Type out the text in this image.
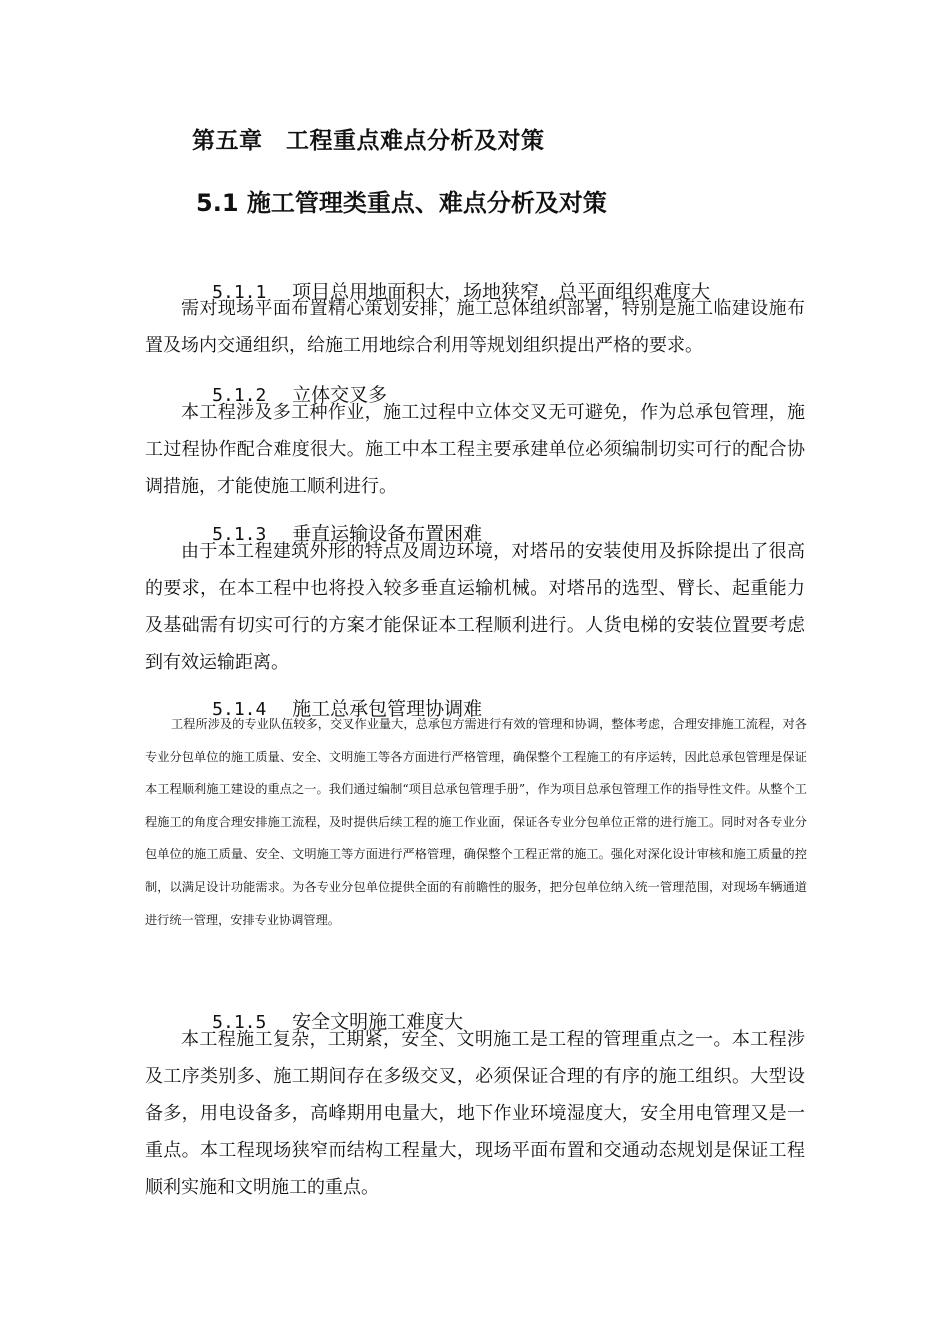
第五章　工程重点难点分析及对策
5.1 施工管理类重点、难点分析及对策

5.1.1 项目总用地面积大，场地狭窄，总平面组织难度大

需对现场平面布置精心策划安排，施工总体组织部署，特别是施工临建设施布置及场内交通组织，给施工用地综合利用等规划组织提出严格的要求。

5.1.2 立体交叉多

本工程涉及多工种作业，施工过程中立体交叉无可避免，作为总承包管理，施工过程协作配合难度很大。施工中本工程主要承建单位必须编制切实可行的配合协调措施，才能使施工顺利进行。

5.1.3 垂直运输设备布置困难

由于本工程建筑外形的特点及周边环境，对塔吊的安装使用及拆除提出了很高的要求，在本工程中也将投入较多垂直运输机械。对塔吊的选型、臂长、起重能力及基础需有切实可行的方案才能保证本工程顺利进行。人货电梯的安装位置要考虑到有效运输距离。

5.1.4 施工总承包管理协调难

工程所涉及的专业队伍较多，交叉作业量大，总承包方需进行有效的管理和协调，整体考虑，合理安排施工流程，对各专业分包单位的施工质量、安全、文明施工等各方面进行严格管理，确保整个工程施工的有序运转，因此总承包管理是保证本工程顺利施工建设的重点之一。我们通过编制“项目总承包管理手册”，作为项目总承包管理工作的指导性文件。从整个工程施工的角度合理安排施工流程，及时提供后续工程的施工作业面，保证各专业分包单位正常的进行施工。同时对各专业分包单位的施工质量、安全、文明施工等方面进行严格管理，确保整个工程正常的施工。强化对深化设计审核和施工质量的控制，以满足设计功能需求。为各专业分包单位提供全面的有前瞻性的服务，把分包单位纳入统一管理范围，对现场车辆通道进行统一管理，安排专业协调管理。

5.1.5 安全文明施工难度大

本工程施工复杂，工期紧，安全、文明施工是工程的管理重点之一。本工程涉及工序类别多、施工期间存在多级交叉，必须保证合理的有序的施工组织。大型设备多，用电设备多，高峰期用电量大，地下作业环境湿度大，安全用电管理又是一重点。本工程现场狭窄而结构工程量大，现场平面布置和交通动态规划是保证工程顺利实施和文明施工的重点。
